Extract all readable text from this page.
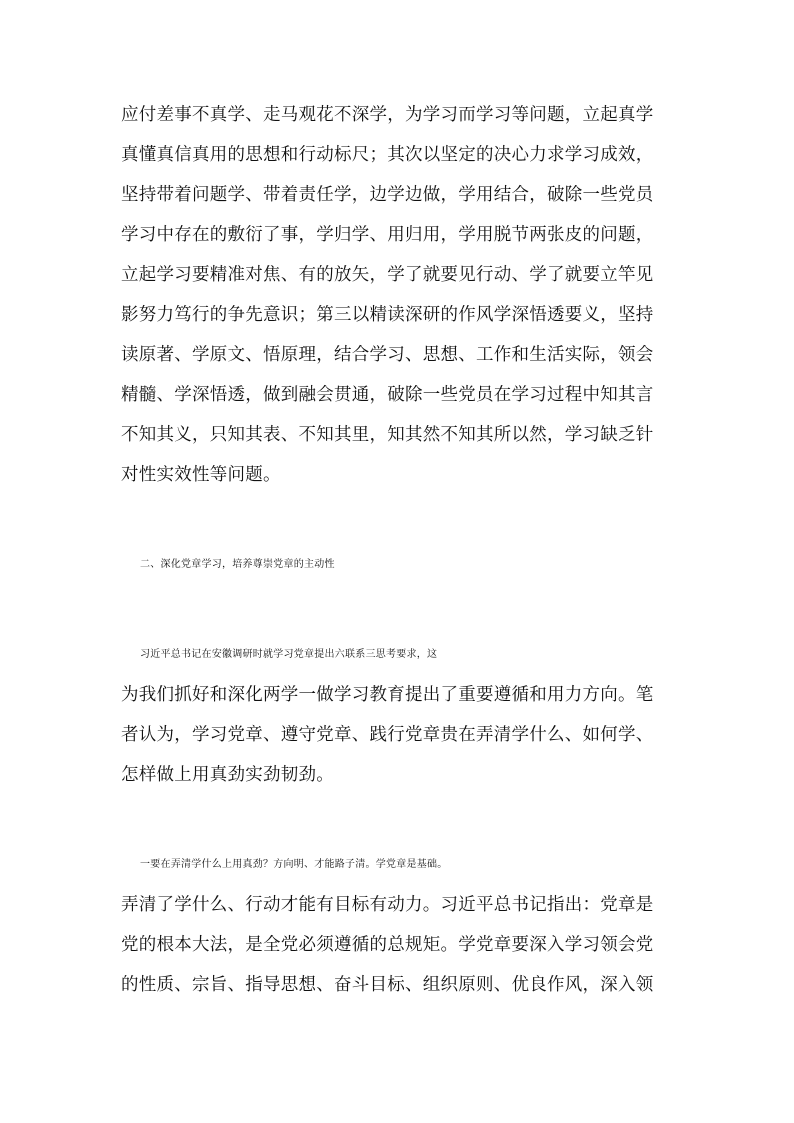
应付差事不真学、走马观花不深学，为学习而学习等问题，立起真学
真懂真信真用的思想和行动标尺；其次以坚定的决心力求学习成效，
坚持带着问题学、带着责任学，边学边做，学用结合，破除一些党员
学习中存在的敷衍了事，学归学、用归用，学用脱节两张皮的问题，
立起学习要精准对焦、有的放矢，学了就要见行动、学了就要立竿见
影努力笃行的争先意识；第三以精读深研的作风学深悟透要义，坚持
读原著、学原文、悟原理，结合学习、思想、工作和生活实际，领会
精髓、学深悟透，做到融会贯通，破除一些党员在学习过程中知其言
不知其义，只知其表、不知其里，知其然不知其所以然，学习缺乏针
对性实效性等问题。
二、深化党章学习，培养尊崇党章的主动性
习近平总书记在安徽调研时就学习党章提出六联系三思考要求，这
为我们抓好和深化两学一做学习教育提出了重要遵循和用力方向。笔
者认为，学习党章、遵守党章、践行党章贵在弄清学什么、如何学、
怎样做上用真劲实劲韧劲。
一要在弄清学什么上用真劲？方向明、才能路子清。学党章是基础。
弄清了学什么、行动才能有目标有动力。习近平总书记指出：党章是
党的根本大法，是全党必须遵循的总规矩。学党章要深入学习领会党
的性质、宗旨、指导思想、奋斗目标、组织原则、优良作风，深入领
